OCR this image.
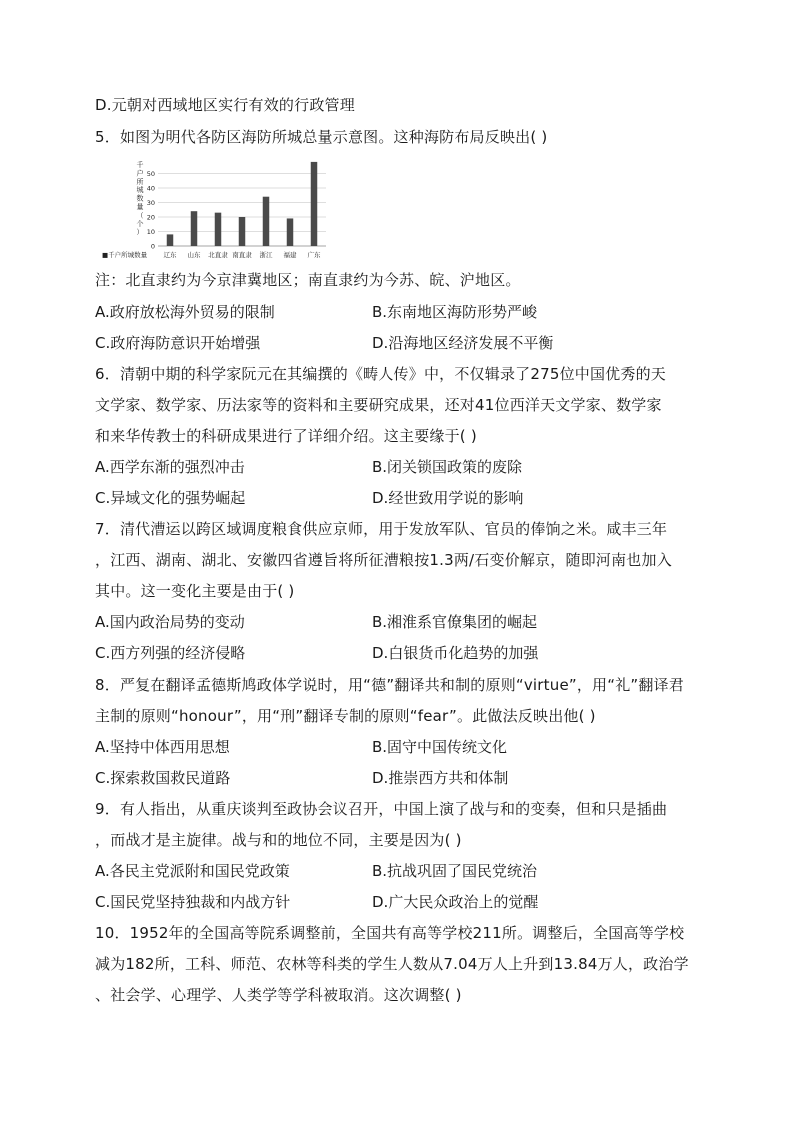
D.元朝对西域地区实行有效的行政管理
5．如图为明代各防区海防所城总量示意图。这种海防布局反映出( )
千户所城数量（个）
0
10
20
30
40
50
辽东 山东 北直隶 南直隶 浙江 福建 广东
■千户所城数量
注：北直隶约为今京津冀地区；南直隶约为今苏、皖、沪地区。
A.政府放松海外贸易的限制	B.东南地区海防形势严峻
C.政府海防意识开始增强	D.沿海地区经济发展不平衡
6．清朝中期的科学家阮元在其编撰的《畴人传》中，不仅辑录了275位中国优秀的天
文学家、数学家、历法家等的资料和主要研究成果，还对41位西洋天文学家、数学家
和来华传教士的科研成果进行了详细介绍。这主要缘于( )
A.西学东渐的强烈冲击	B.闭关锁国政策的废除
C.异域文化的强势崛起	D.经世致用学说的影响
7．清代漕运以跨区域调度粮食供应京师，用于发放军队、官员的俸饷之米。咸丰三年
，江西、湖南、湖北、安徽四省遵旨将所征漕粮按1.3两/石变价解京，随即河南也加入
其中。这一变化主要是由于( )
A.国内政治局势的变动	B.湘淮系官僚集团的崛起
C.西方列强的经济侵略	D.白银货币化趋势的加强
8．严复在翻译孟德斯鸠政体学说时，用“德”翻译共和制的原则“virtue”，用“礼”翻译君
主制的原则“honour”，用“刑”翻译专制的原则“fear”。此做法反映出他( )
A.坚持中体西用思想	B.固守中国传统文化
C.探索救国救民道路	D.推崇西方共和体制
9．有人指出，从重庆谈判至政协会议召开，中国上演了战与和的变奏，但和只是插曲
，而战才是主旋律。战与和的地位不同，主要是因为( )
A.各民主党派附和国民党政策	B.抗战巩固了国民党统治
C.国民党坚持独裁和内战方针	D.广大民众政治上的觉醒
10．1952年的全国高等院系调整前，全国共有高等学校211所。调整后，全国高等学校
减为182所，工科、师范、农林等科类的学生人数从7.04万人上升到13.84万人，政治学
、社会学、心理学、人类学等学科被取消。这次调整( )
